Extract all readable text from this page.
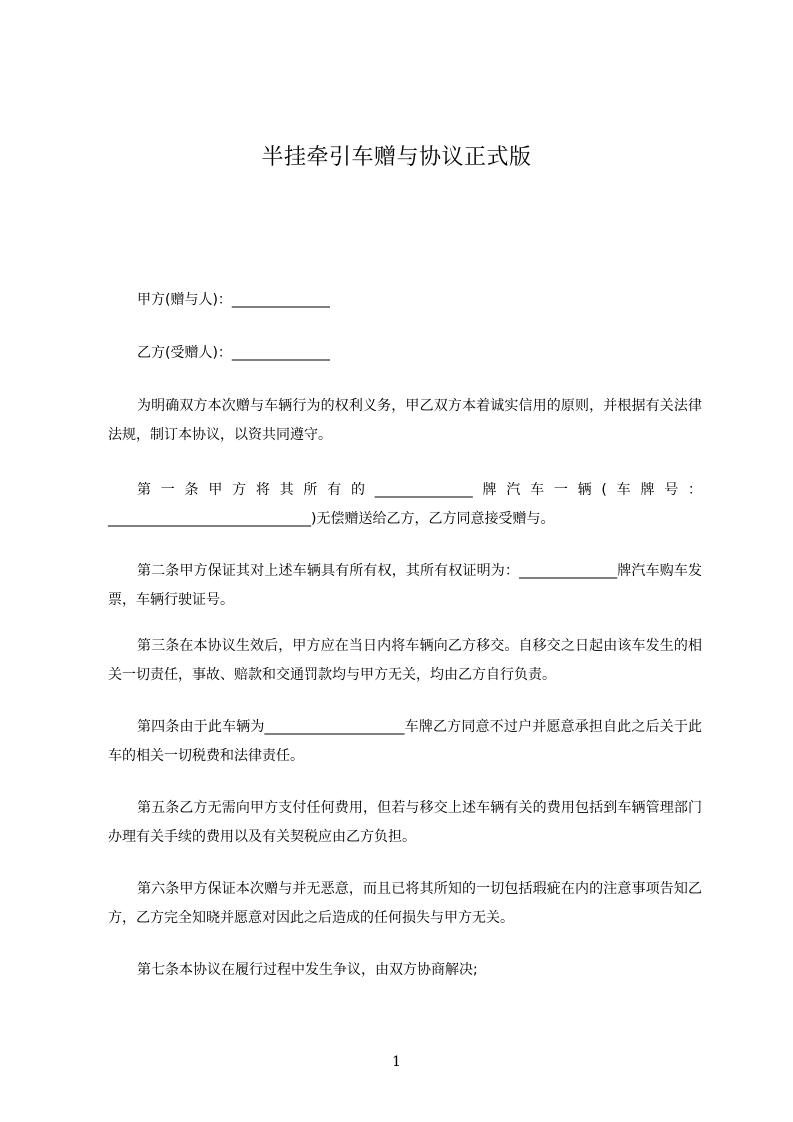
半挂牵引车赠与协议正式版
甲方(赠与人)：______________
乙方(受赠人)：______________
为明确双方本次赠与车辆行为的权利义务，甲乙双方本着诚实信用的原则，并根据有关法律法规，制订本协议，以资共同遵守。
第一条甲方将其所有的______________牌汽车一辆(车牌号：_____________________________)无偿赠送给乙方，乙方同意接受赠与。
第二条甲方保证其对上述车辆具有所有权，其所有权证明为：______________牌汽车购车发票，车辆行驶证号。
第三条在本协议生效后，甲方应在当日内将车辆向乙方移交。自移交之日起由该车发生的相关一切责任，事故、赔款和交通罚款均与甲方无关，均由乙方自行负责。
第四条由于此车辆为____________________车牌乙方同意不过户并愿意承担自此之后关于此车的相关一切税费和法律责任。
第五条乙方无需向甲方支付任何费用，但若与移交上述车辆有关的费用包括到车辆管理部门办理有关手续的费用以及有关契税应由乙方负担。
第六条甲方保证本次赠与并无恶意，而且已将其所知的一切包括瑕疵在内的注意事项告知乙方，乙方完全知晓并愿意对因此之后造成的任何损失与甲方无关。
第七条本协议在履行过程中发生争议，由双方协商解决;
1
